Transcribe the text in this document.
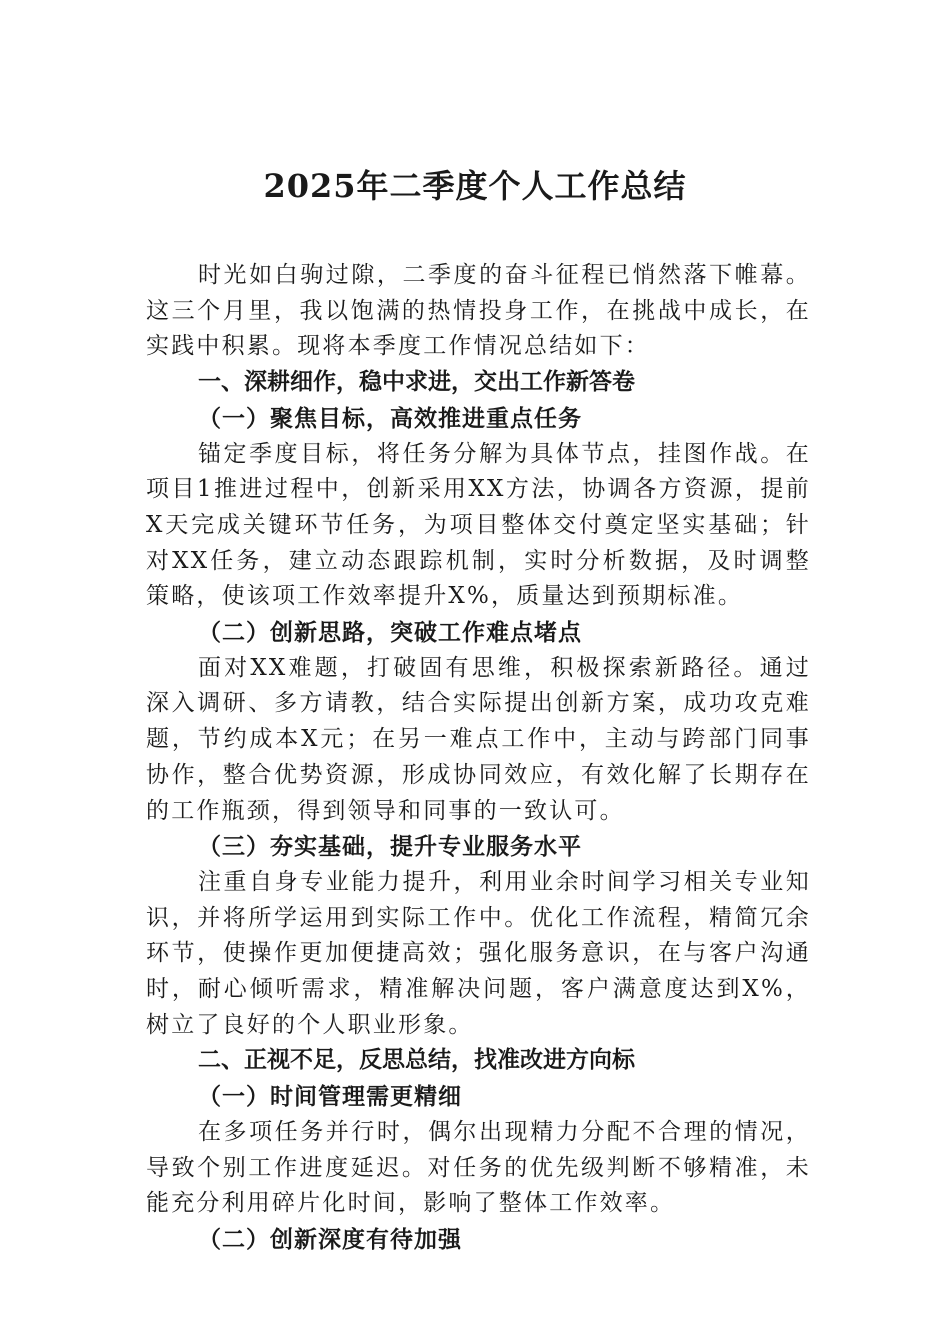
2025年二季度个人工作总结

时光如白驹过隙，二季度的奋斗征程已悄然落下帷幕。这三个月里，我以饱满的热情投身工作，在挑战中成长，在实践中积累。现将本季度工作情况总结如下：

一、深耕细作，稳中求进，交出工作新答卷

（一）聚焦目标，高效推进重点任务

锚定季度目标，将任务分解为具体节点，挂图作战。在项目1推进过程中，创新采用XX方法，协调各方资源，提前X天完成关键环节任务，为项目整体交付奠定坚实基础；针对XX任务，建立动态跟踪机制，实时分析数据，及时调整策略，使该项工作效率提升X%，质量达到预期标准。

（二）创新思路，突破工作难点堵点

面对XX难题，打破固有思维，积极探索新路径。通过深入调研、多方请教，结合实际提出创新方案，成功攻克难题，节约成本X元；在另一难点工作中，主动与跨部门同事协作，整合优势资源，形成协同效应，有效化解了长期存在的工作瓶颈，得到领导和同事的一致认可。

（三）夯实基础，提升专业服务水平

注重自身专业能力提升，利用业余时间学习相关专业知识，并将所学运用到实际工作中。优化工作流程，精简冗余环节，使操作更加便捷高效；强化服务意识，在与客户沟通时，耐心倾听需求，精准解决问题，客户满意度达到X%，树立了良好的个人职业形象。

二、正视不足，反思总结，找准改进方向标

（一）时间管理需更精细

在多项任务并行时，偶尔出现精力分配不合理的情况，导致个别工作进度延迟。对任务的优先级判断不够精准，未能充分利用碎片化时间，影响了整体工作效率。

（二）创新深度有待加强
